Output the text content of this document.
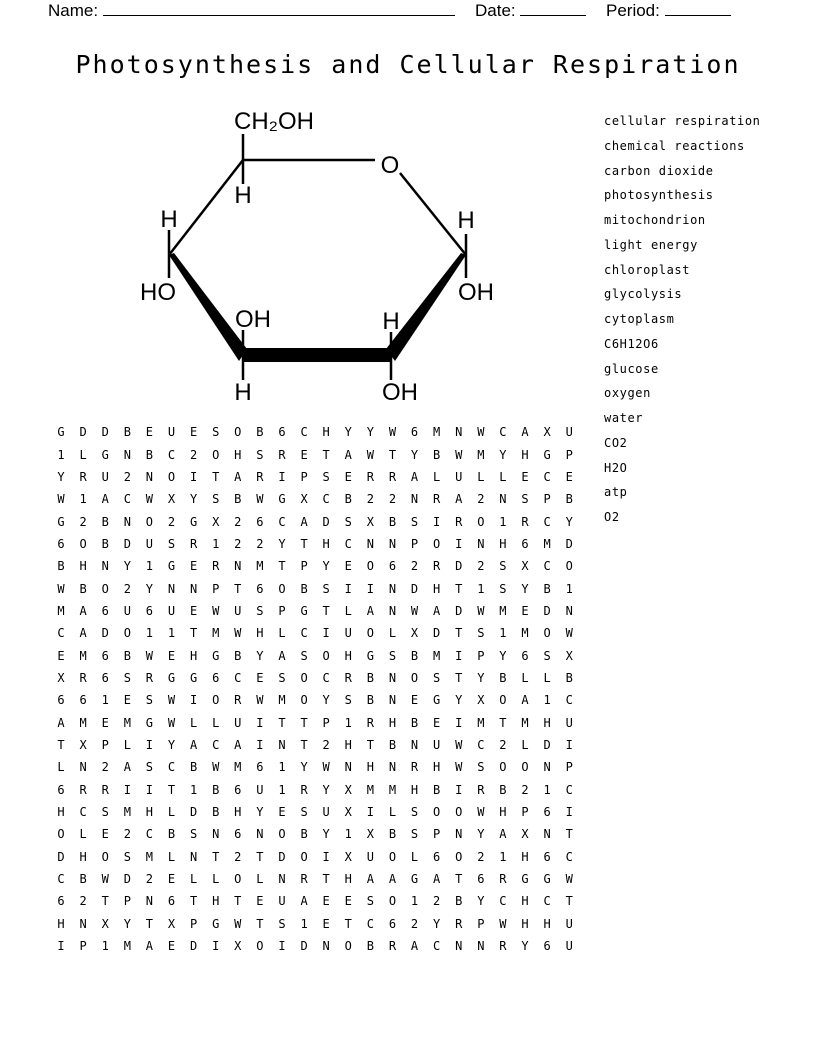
Name:	Date:	Period:
Photosynthesis and Cellular Respiration
CH₂OH
O
H
H	H
HO	OH
OH	H
H	OH
cellular respiration
chemical reactions
carbon dioxide
photosynthesis
mitochondrion
light energy
chloroplast
glycolysis
cytoplasm
C6H12O6
glucose
oxygen
water
CO2
H2O
atp
O2
G	D	D	B	E	U	E	S	O	B	6	C	H	Y	Y	W	6	M	N	W	C	A	X	U
1	L	G	N	B	C	2	O	H	S	R	E	T	A	W	T	Y	B	W	M	Y	H	G	P
Y	R	U	2	N	O	I	T	A	R	I	P	S	E	R	R	A	L	U	L	L	E	C	E
W	1	A	C	W	X	Y	S	B	W	G	X	C	B	2	2	N	R	A	2	N	S	P	B
G	2	B	N	O	2	G	X	2	6	C	A	D	S	X	B	S	I	R	O	1	R	C	Y
6	O	B	D	U	S	R	1	2	2	Y	T	H	C	N	N	P	O	I	N	H	6	M	D
B	H	N	Y	1	G	E	R	N	M	T	P	Y	E	O	6	2	R	D	2	S	X	C	O
W	B	O	2	Y	N	N	P	T	6	O	B	S	I	I	N	D	H	T	1	S	Y	B	1
M	A	6	U	6	U	E	W	U	S	P	G	T	L	A	N	W	A	D	W	M	E	D	N
C	A	D	O	1	1	T	M	W	H	L	C	I	U	O	L	X	D	T	S	1	M	O	W
E	M	6	B	W	E	H	G	B	Y	A	S	O	H	G	S	B	M	I	P	Y	6	S	X
X	R	6	S	R	G	G	6	C	E	S	O	C	R	B	N	O	S	T	Y	B	L	L	B
6	6	1	E	S	W	I	O	R	W	M	O	Y	S	B	N	E	G	Y	X	O	A	1	C
A	M	E	M	G	W	L	L	U	I	T	T	P	1	R	H	B	E	I	M	T	M	H	U
T	X	P	L	I	Y	A	C	A	I	N	T	2	H	T	B	N	U	W	C	2	L	D	I
L	N	2	A	S	C	B	W	M	6	1	Y	W	N	H	N	R	H	W	S	O	O	N	P
6	R	R	I	I	T	1	B	6	U	1	R	Y	X	M	M	H	B	I	R	B	2	1	C
H	C	S	M	H	L	D	B	H	Y	E	S	U	X	I	L	S	O	O	W	H	P	6	I
O	L	E	2	C	B	S	N	6	N	O	B	Y	1	X	B	S	P	N	Y	A	X	N	T
D	H	O	S	M	L	N	T	2	T	D	O	I	X	U	O	L	6	O	2	1	H	6	C
C	B	W	D	2	E	L	L	O	L	N	R	T	H	A	A	G	A	T	6	R	G	G	W
6	2	T	P	N	6	T	H	T	E	U	A	E	E	S	O	1	2	B	Y	C	H	C	T
H	N	X	Y	T	X	P	G	W	T	S	1	E	T	C	6	2	Y	R	P	W	H	H	U
I	P	1	M	A	E	D	I	X	O	I	D	N	O	B	R	A	C	N	N	R	Y	6	U
